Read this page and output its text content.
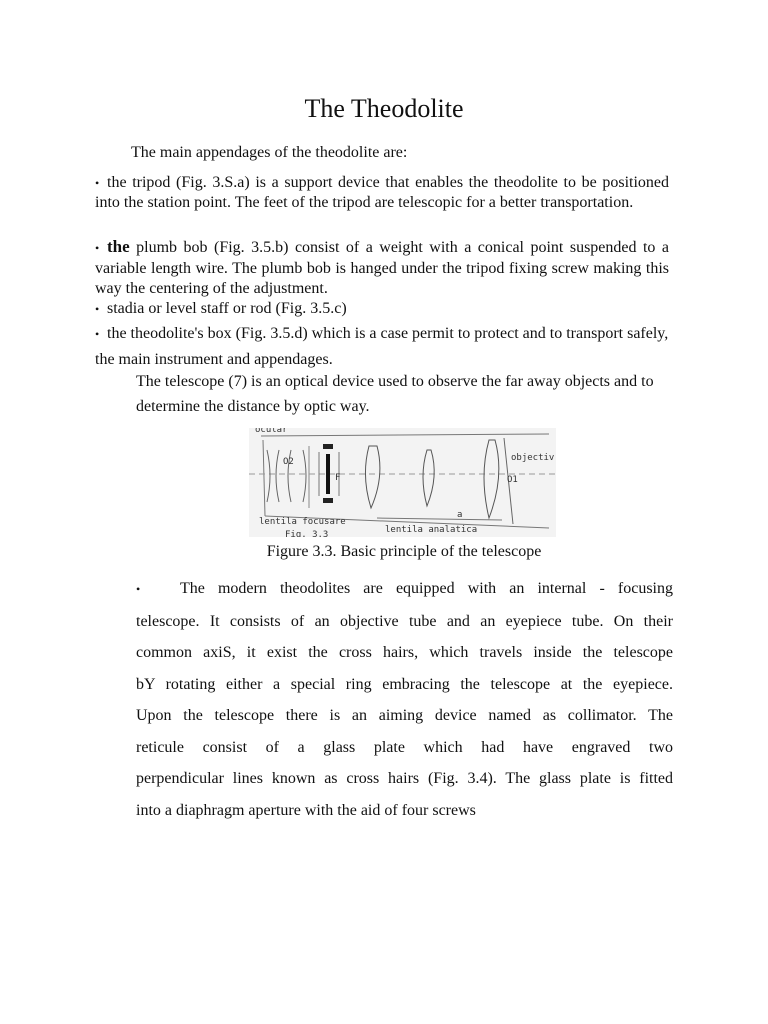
The Theodolite
The main appendages of the theodolite are:
• the tripod (Fig. 3.S.a) is a support device that enables the theodolite to be positioned into the station point. The feet of the tripod are telescopic for a better transportation.
• the plumb bob (Fig. 3.5.b) consist of a weight with a conical point suspended to a variable length wire. The plumb bob is hanged under the tripod fixing screw making this way the centering of the adjustment.
• stadia or level staff or rod (Fig. 3.5.c)
• the theodolite's box (Fig. 3.5.d) which is a case permit to protect and to transport safely, the main instrument and appendages.
The telescope (7) is an optical device used to observe the far away objects and to determine the distance by optic way.
ocular
O2
F
objectiv
O1
lentila focusare
lentila analatica
a
Fig. 3.3
Figure 3.3. Basic principle of the telescope
• The modern theodolites are equipped with an internal - focusing
telescope. It consists of an objective tube and an eyepiece tube. On their
common axiS, it exist the cross hairs, which travels inside the telescope
bY rotating either a special ring embracing the telescope at the eyepiece.
Upon the telescope there is an aiming device named as collimator. The
reticule consist of a glass plate which had have engraved two
perpendicular lines known as cross hairs (Fig. 3.4). The glass plate is fitted
into a diaphragm aperture with the aid of four screws
